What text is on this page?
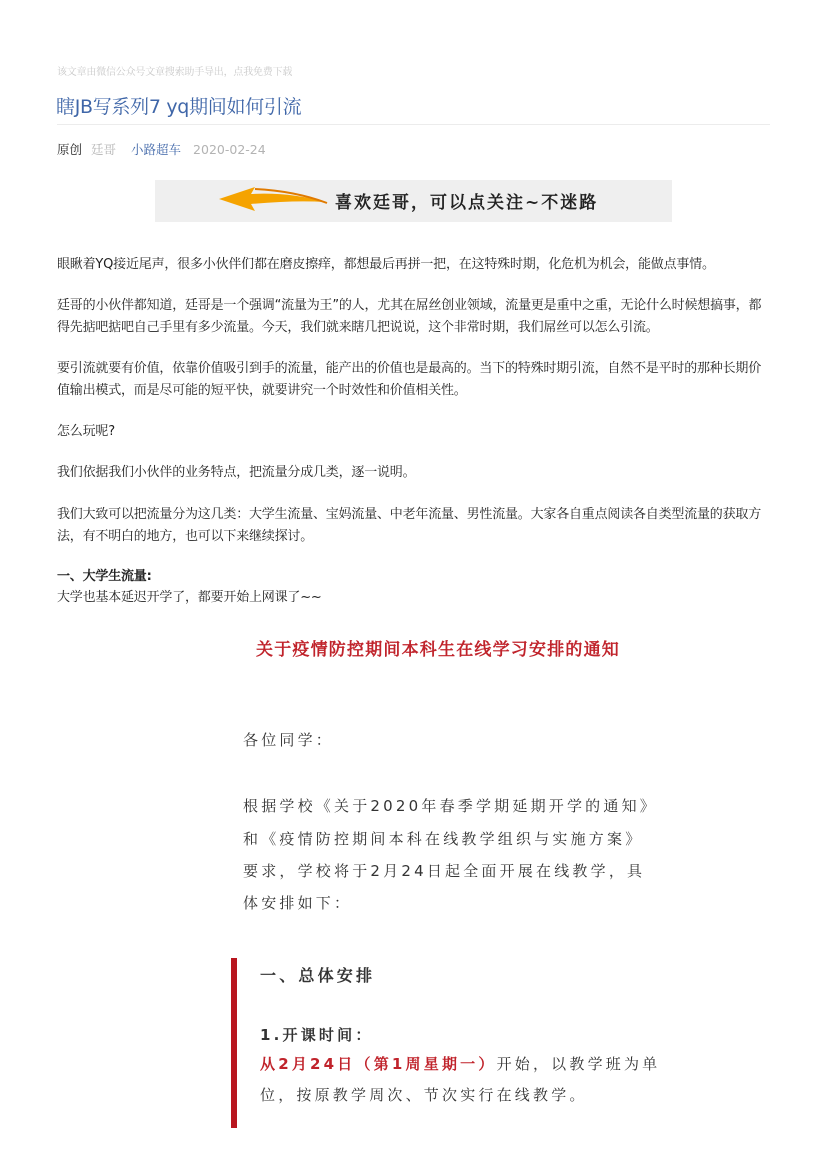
该文章由微信公众号文章搜索助手导出，点我免费下载
瞎JB写系列7 yq期间如何引流
原创 廷哥 小路超车 2020-02-24
喜欢廷哥，可以点关注~不迷路

眼瞅着YQ接近尾声，很多小伙伴们都在磨皮擦痒，都想最后再拼一把，在这特殊时期，化危机为机会，能做点事情。

廷哥的小伙伴都知道，廷哥是一个强调“流量为王”的人，尤其在屌丝创业领域，流量更是重中之重，无论什么时候想搞事，都得先掂吧掂吧自己手里有多少流量。今天，我们就来瞎几把说说，这个非常时期，我们屌丝可以怎么引流。

要引流就要有价值，依靠价值吸引到手的流量，能产出的价值也是最高的。当下的特殊时期引流，自然不是平时的那种长期价值输出模式，而是尽可能的短平快，就要讲究一个时效性和价值相关性。

怎么玩呢?

我们依据我们小伙伴的业务特点，把流量分成几类，逐一说明。

我们大致可以把流量分为这几类：大学生流量、宝妈流量、中老年流量、男性流量。大家各自重点阅读各自类型流量的获取方法，有不明白的地方，也可以下来继续探讨。

一、大学生流量:

大学也基本延迟开学了，都要开始上网课了~~

关于疫情防控期间本科生在线学习安排的通知
各位同学：
根据学校《关于2020年春季学期延期开学的通知》
和《疫情防控期间本科在线教学组织与实施方案》
要求，学校将于2月24日起全面开展在线教学，具
体安排如下：
一、总体安排
1.开课时间：
从2月24日（第1周星期一）开始，以教学班为单
位，按原教学周次、节次实行在线教学。
